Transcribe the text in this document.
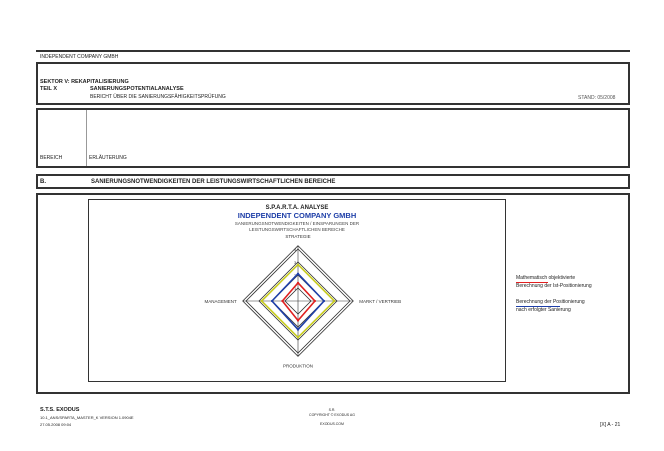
INDEPENDENT COMPANY GMBH
SEKTOR V: REKAPITALISIERUNG
TEIL X	SANIERUNGSPOTENTIALANALYSE
BERICHT ÜBER DIE SANIERUNGSFÄHIGKEITSPRÜFUNG	STAND: 05/2008
BEREICH	ERLÄUTERUNG
B.	SANIERUNGSNOTWENDIGKEITEN DER LEISTUNGSWIRTSCHAFTLICHEN BEREICHE
S.P.A.R.T.A. ANALYSE
INDEPENDENT COMPANY GMBH
SANIERUNGSNOTWENDIGKEITEN / EINSPARUNGEN DER
LEISTUNGSWIRTSCHAFTLICHEN BEREICHE
1
2
3
4
STRATEGIE
MARKT / VERTRIEB
PRODUKTION
MANAGEMENT
Mathematisch objektivierte
Berechnung der Ist-Positionierung
Berechnung der Positionierung
nach erfolgter Sanierung
S.T.S. EXODUS
10.1_ANS/SPARTA_MASTER_K VERSION 1.0904E
27.05.2008 09:04
S.R.
COPYRIGHT © EXODUS AG
EXODUS.COM	[X] A - 21
